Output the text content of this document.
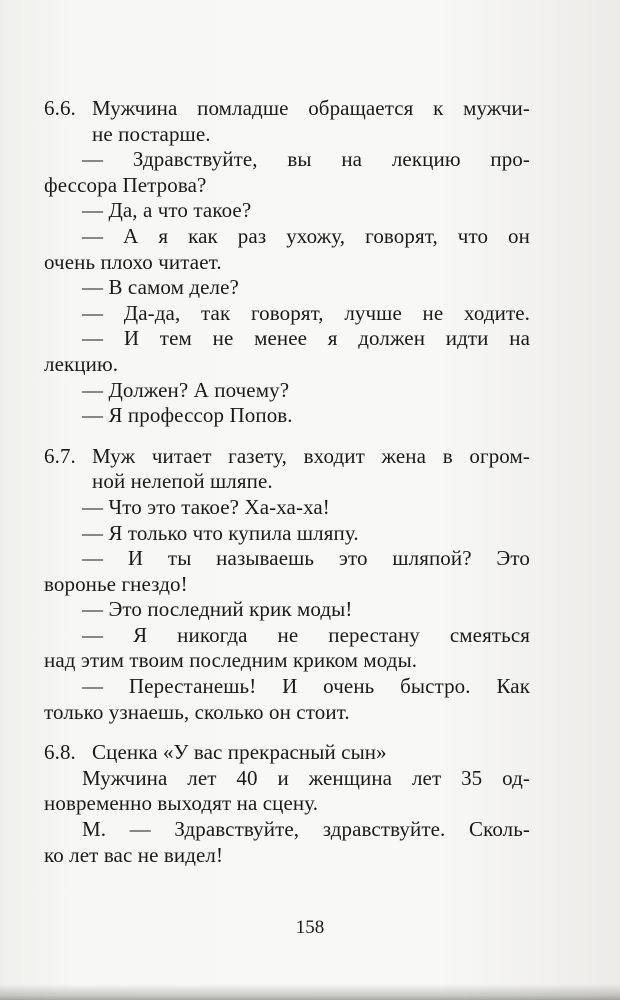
6.6. Мужчина помладше обращается к мужчи-
не постарше.
— Здравствуйте, вы на лекцию про-
фессора Петрова?
— Да, а что такое?
— А я как раз ухожу, говорят, что он
очень плохо читает.
— В самом деле?
— Да-да, так говорят, лучше не ходите.
— И тем не менее я должен идти на
лекцию.
— Должен? А почему?
— Я профессор Попов.
6.7. Муж читает газету, входит жена в огром-
ной нелепой шляпе.
— Что это такое? Ха-ха-ха!
— Я только что купила шляпу.
— И ты называешь это шляпой? Это
воронье гнездо!
— Это последний крик моды!
— Я никогда не перестану смеяться
над этим твоим последним криком моды.
— Перестанешь! И очень быстро. Как
только узнаешь, сколько он стоит.
6.8. Сценка «У вас прекрасный сын»
Мужчина лет 40 и женщина лет 35 од-
новременно выходят на сцену.
М. — Здравствуйте, здравствуйте. Сколь-
ко лет вас не видел!
158
